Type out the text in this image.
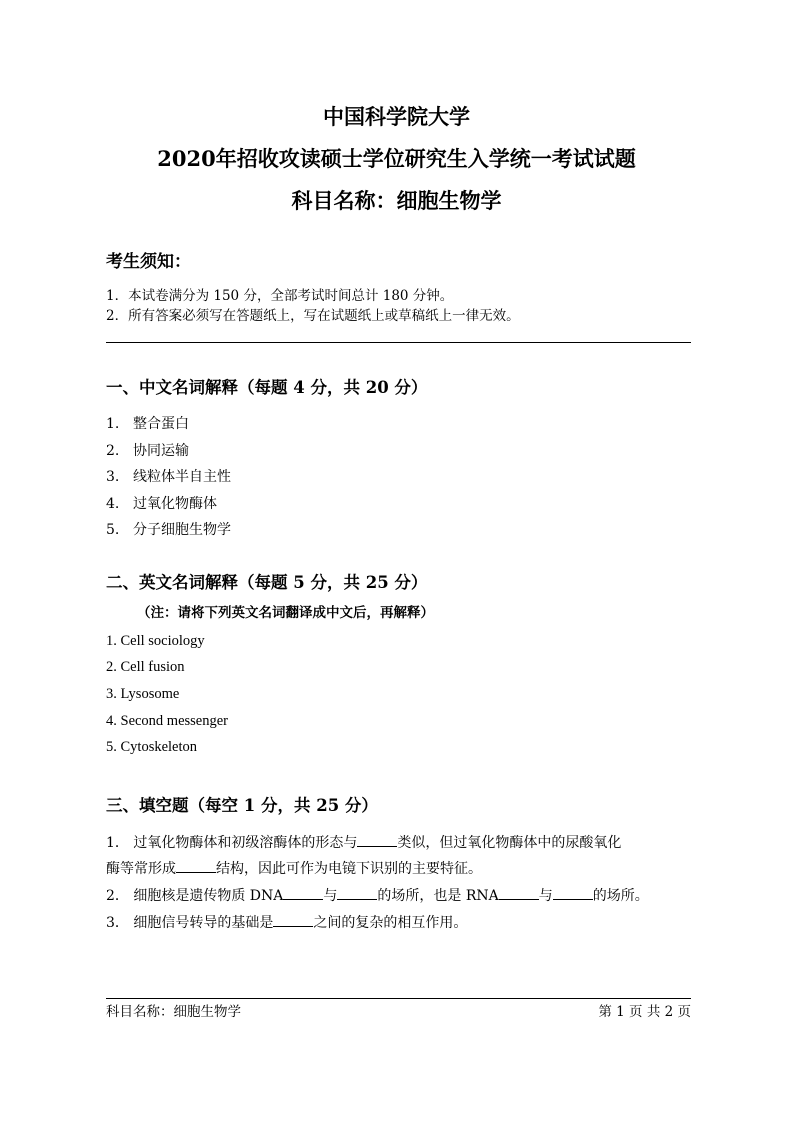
中国科学院大学
2020年招收攻读硕士学位研究生入学统一考试试题
科目名称：细胞生物学
考生须知：
1．本试卷满分为 150 分，全部考试时间总计 180 分钟。
2．所有答案必须写在答题纸上，写在试题纸上或草稿纸上一律无效。
一、中文名词解释（每题 4 分，共 20 分）
1. 整合蛋白
2. 协同运输
3. 线粒体半自主性
4. 过氧化物酶体
5. 分子细胞生物学
二、英文名词解释（每题 5 分，共 25 分）
（注：请将下列英文名词翻译成中文后，再解释）
1. Cell sociology
2. Cell fusion
3. Lysosome
4. Second messenger
5. Cytoskeleton
三、填空题（每空 1 分，共 25 分）
1． 过氧化物酶体和初级溶酶体的形态与	类似，但过氧化物酶体中的尿酸氧化
酶等常形成	结构，因此可作为电镜下识别的主要特征。
2． 细胞核是遗传物质 DNA	与	的场所，也是 RNA	与	的场所。
3． 细胞信号转导的基础是	之间的复杂的相互作用。
科目名称：细胞生物学	第 1 页 共 2 页
